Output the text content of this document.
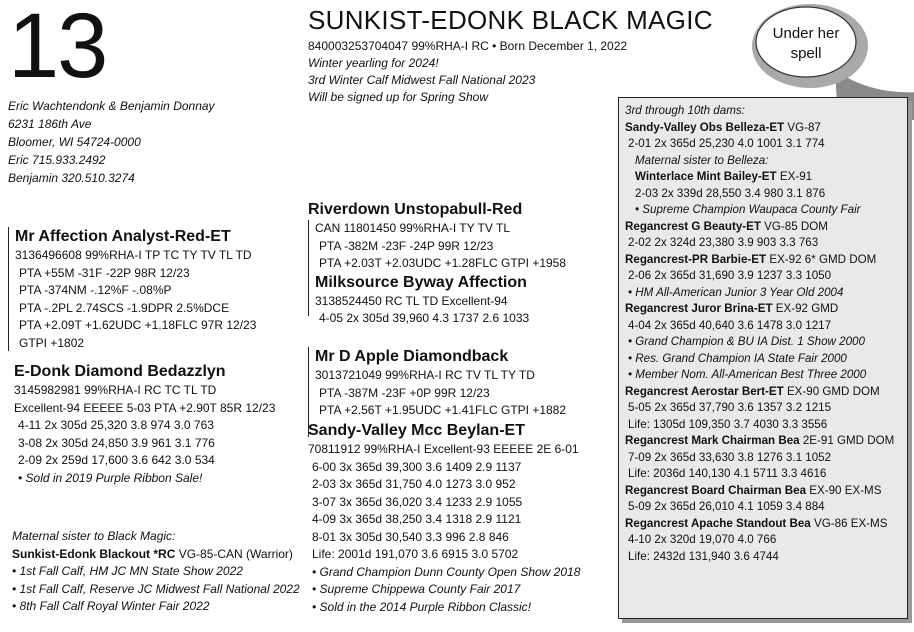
13
Eric Wachtendonk & Benjamin Donnay
6231 186th Ave
Bloomer, WI 54724-0000
Eric 715.933.2492
Benjamin 320.510.3274
SUNKIST-EDONK BLACK MAGIC
840003253704047 99%RHA-I RC • Born December 1, 2022
Winter yearling for 2024!
3rd Winter Calf Midwest Fall National 2023
Will be signed up for Spring Show
Under her
spell
Mr Affection Analyst-Red-ET
3136496608 99%RHA-I TP TC TY TV TL TD
PTA +55M -31F -22P 98R 12/23
PTA -374NM -.12%F -.08%P
PTA -.2PL 2.74SCS -1.9DPR 2.5%DCE
PTA +2.09T +1.62UDC +1.18FLC 97R 12/23
GTPI +1802
E-Donk Diamond Bedazzlyn
3145982981 99%RHA-I RC TC TL TD
Excellent-94 EEEEE 5-03 PTA +2.90T 85R 12/23
4-11 2x 305d 25,320 3.8 974 3.0 763
3-08 2x 305d 24,850 3.9 961 3.1 776
2-09 2x 259d 17,600 3.6 642 3.0 534
• Sold in 2019 Purple Ribbon Sale!
Maternal sister to Black Magic:
Sunkist-Edonk Blackout *RC VG-85-CAN (Warrior)
• 1st Fall Calf, HM JC MN State Show 2022
• 1st Fall Calf, Reserve JC Midwest Fall National 2022
• 8th Fall Calf Royal Winter Fair 2022
Riverdown Unstopabull-Red
CAN 11801450 99%RHA-I TY TV TL
PTA -382M -23F -24P 99R 12/23
PTA +2.03T +2.03UDC +1.28FLC GTPI +1958
Milksource Byway Affection
3138524450 RC TL TD Excellent-94
4-05 2x 305d 39,960 4.3 1737 2.6 1033
Mr D Apple Diamondback
3013721049 99%RHA-I RC TV TL TY TD
PTA -387M -23F +0P 99R 12/23
PTA +2.56T +1.95UDC +1.41FLC GTPI +1882
Sandy-Valley Mcc Beylan-ET
70811912 99%RHA-I Excellent-93 EEEEE 2E 6-01
6-00 3x 365d 39,300 3.6 1409 2.9 1137
2-03 3x 365d 31,750 4.0 1273 3.0 952
3-07 3x 365d 36,020 3.4 1233 2.9 1055
4-09 3x 365d 38,250 3.4 1318 2.9 1121
8-01 3x 305d 30,540 3.3 996 2.8 846
Life: 2001d 191,070 3.6 6915 3.0 5702
• Grand Champion Dunn County Open Show 2018
• Supreme Chippewa County Fair 2017
• Sold in the 2014 Purple Ribbon Classic!
3rd through 10th dams:
Sandy-Valley Obs Belleza-ET VG-87
2-01 2x 365d 25,230 4.0 1001 3.1 774
Maternal sister to Belleza:
Winterlace Mint Bailey-ET EX-91
2-03 2x 339d 28,550 3.4 980 3.1 876
• Supreme Champion Waupaca County Fair
Regancrest G Beauty-ET VG-85 DOM
2-02 2x 324d 23,380 3.9 903 3.3 763
Regancrest-PR Barbie-ET EX-92 6* GMD DOM
2-06 2x 365d 31,690 3.9 1237 3.3 1050
• HM All-American Junior 3 Year Old 2004
Regancrest Juror Brina-ET EX-92 GMD
4-04 2x 365d 40,640 3.6 1478 3.0 1217
• Grand Champion & BU IA Dist. 1 Show 2000
• Res. Grand Champion IA State Fair 2000
• Member Nom. All-American Best Three 2000
Regancrest Aerostar Bert-ET EX-90 GMD DOM
5-05 2x 365d 37,790 3.6 1357 3.2 1215
Life: 1305d 109,350 3.7 4030 3.3 3556
Regancrest Mark Chairman Bea 2E-91 GMD DOM
7-09 2x 365d 33,630 3.8 1276 3.1 1052
Life: 2036d 140,130 4.1 5711 3.3 4616
Regancrest Board Chairman Bea EX-90 EX-MS
5-09 2x 365d 26,010 4.1 1059 3.4 884
Regancrest Apache Standout Bea VG-86 EX-MS
4-10 2x 320d 19,070 4.0 766
Life: 2432d 131,940 3.6 4744
